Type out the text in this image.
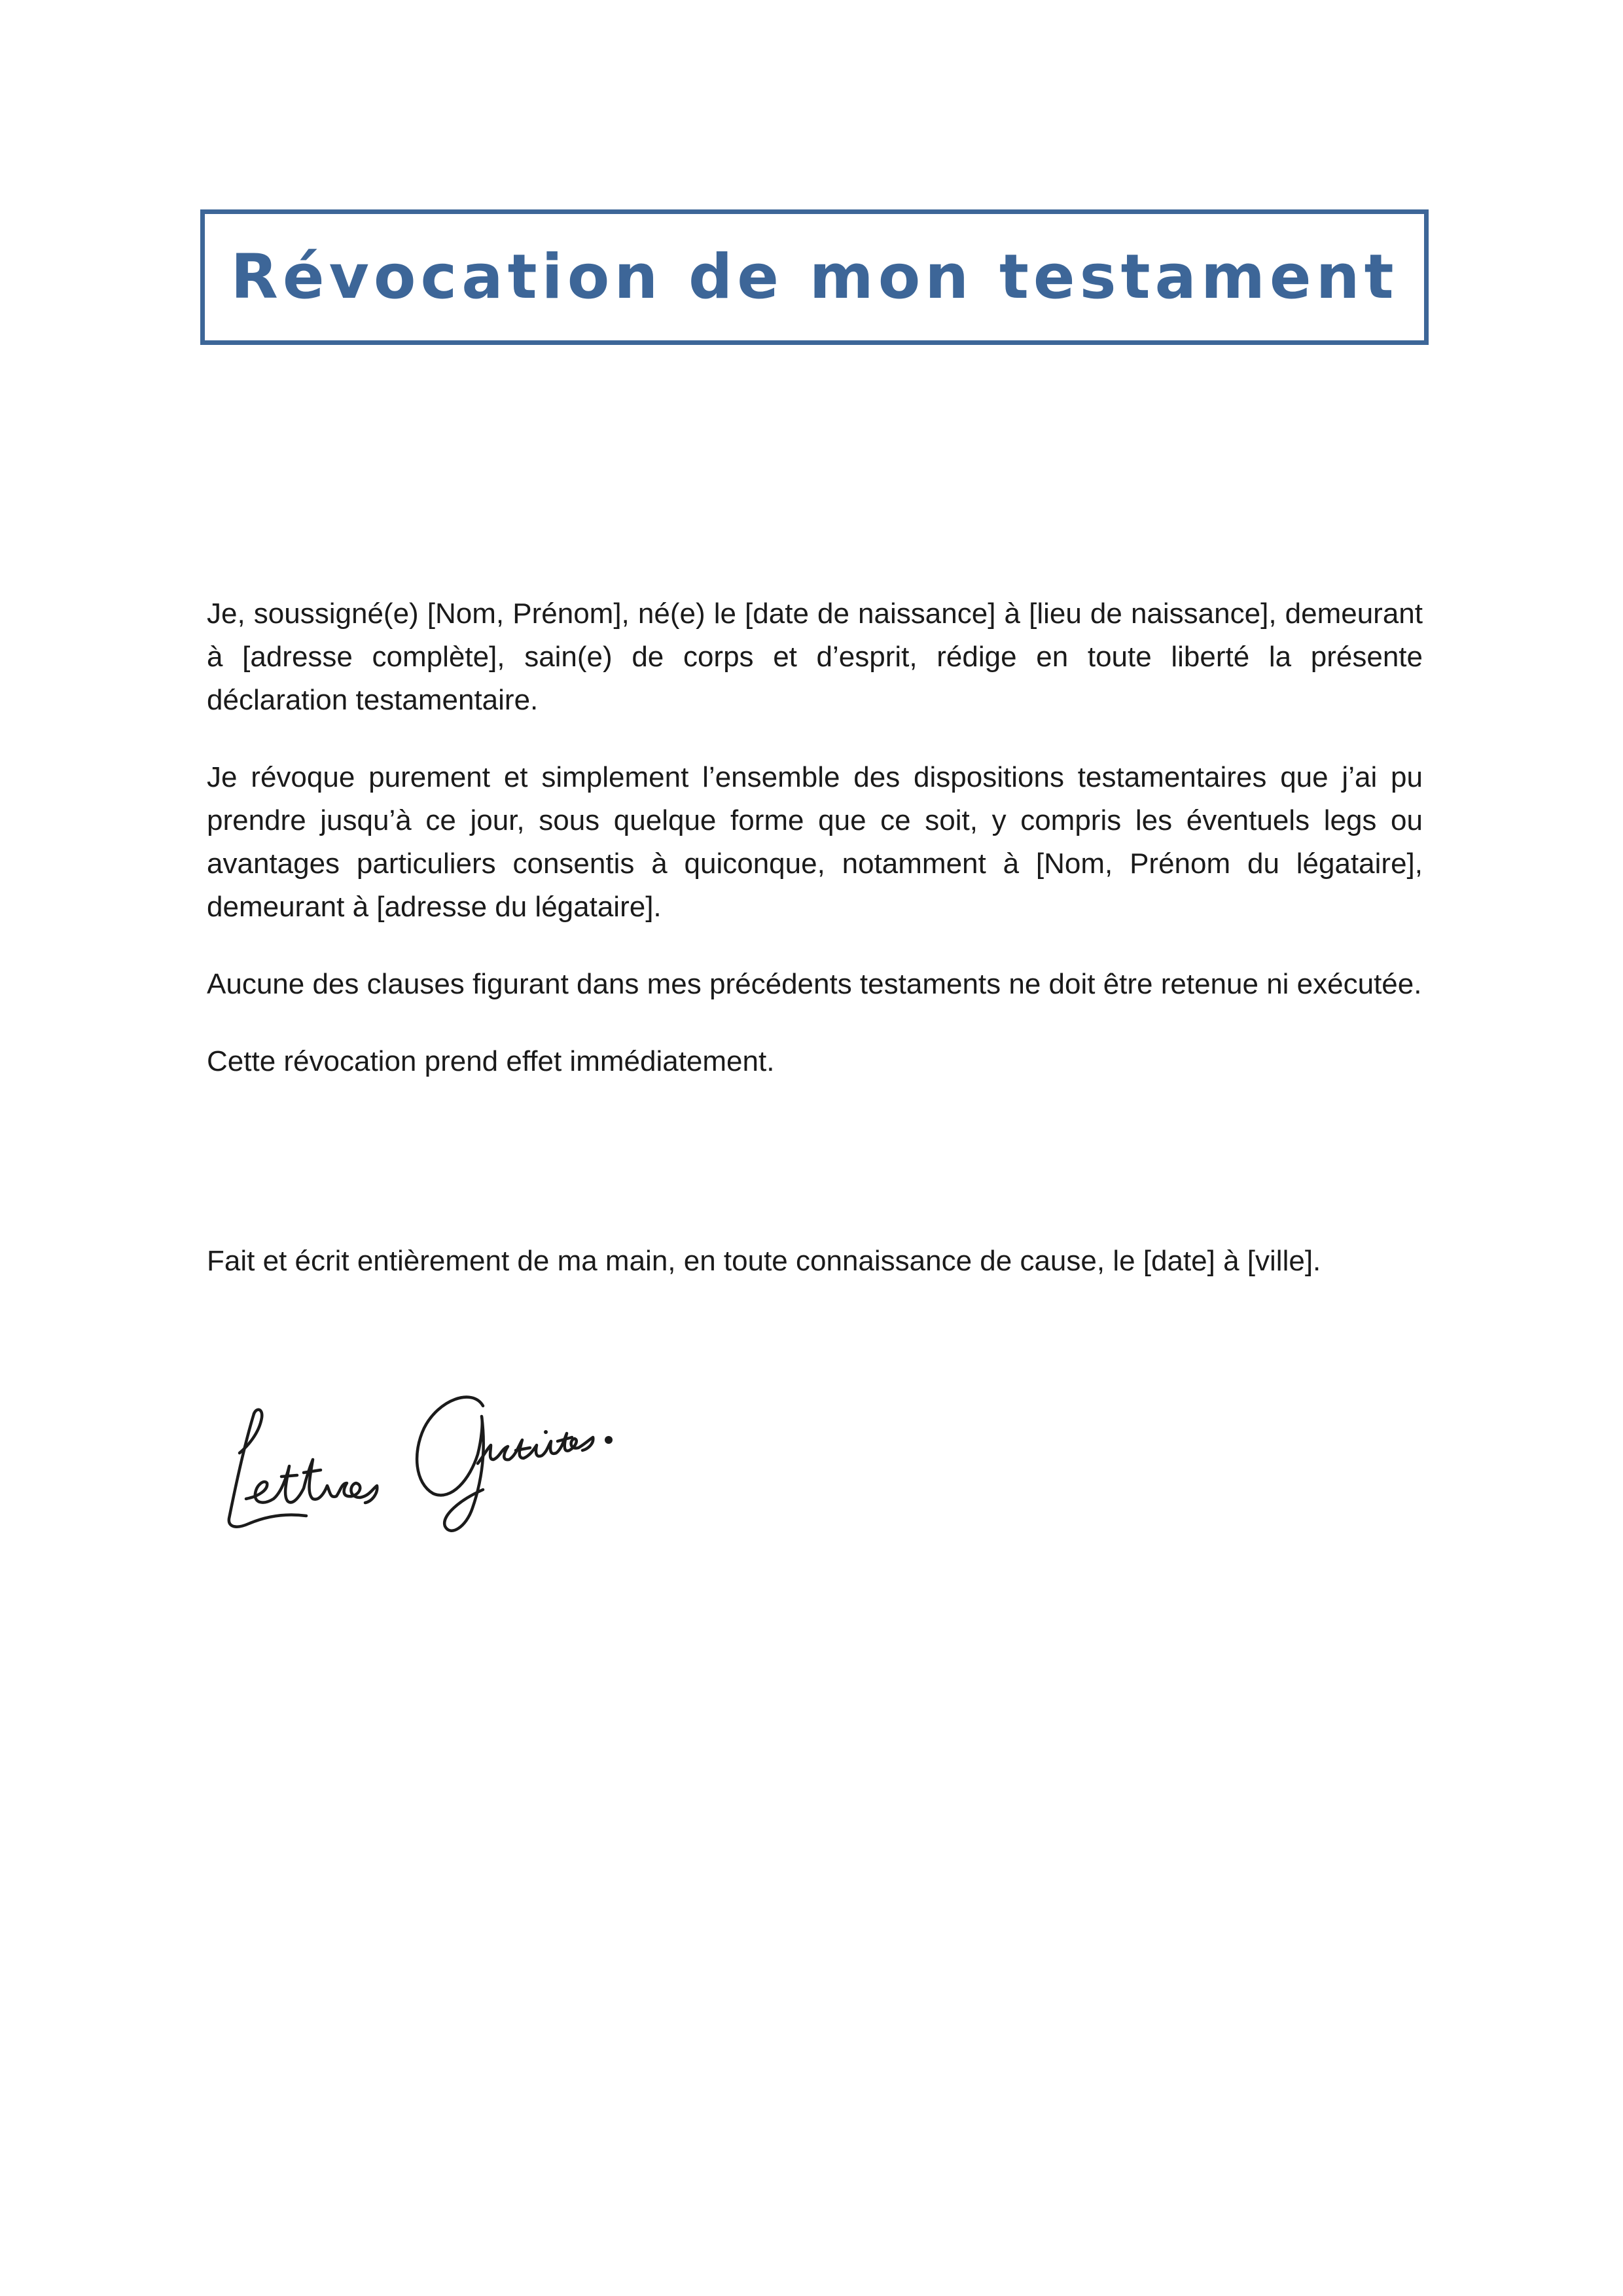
Révocation de mon testament

Je, soussigné(e) [Nom, Prénom], né(e) le [date de naissance] à [lieu de naissance], demeurant à [adresse complète], sain(e) de corps et d’esprit, rédige en toute liberté la présente déclaration testamentaire.

Je révoque purement et simplement l’ensemble des dispositions testamentaires que j’ai pu prendre jusqu’à ce jour, sous quelque forme que ce soit, y compris les éventuels legs ou avantages particuliers consentis à quiconque, notamment à [Nom, Prénom du légataire], demeurant à [adresse du légataire].

Aucune des clauses figurant dans mes précédents testaments ne doit être retenue ni exécutée.

Cette révocation prend effet immédiatement.

Fait et écrit entièrement de ma main, en toute connaissance de cause, le [date] à [ville].
